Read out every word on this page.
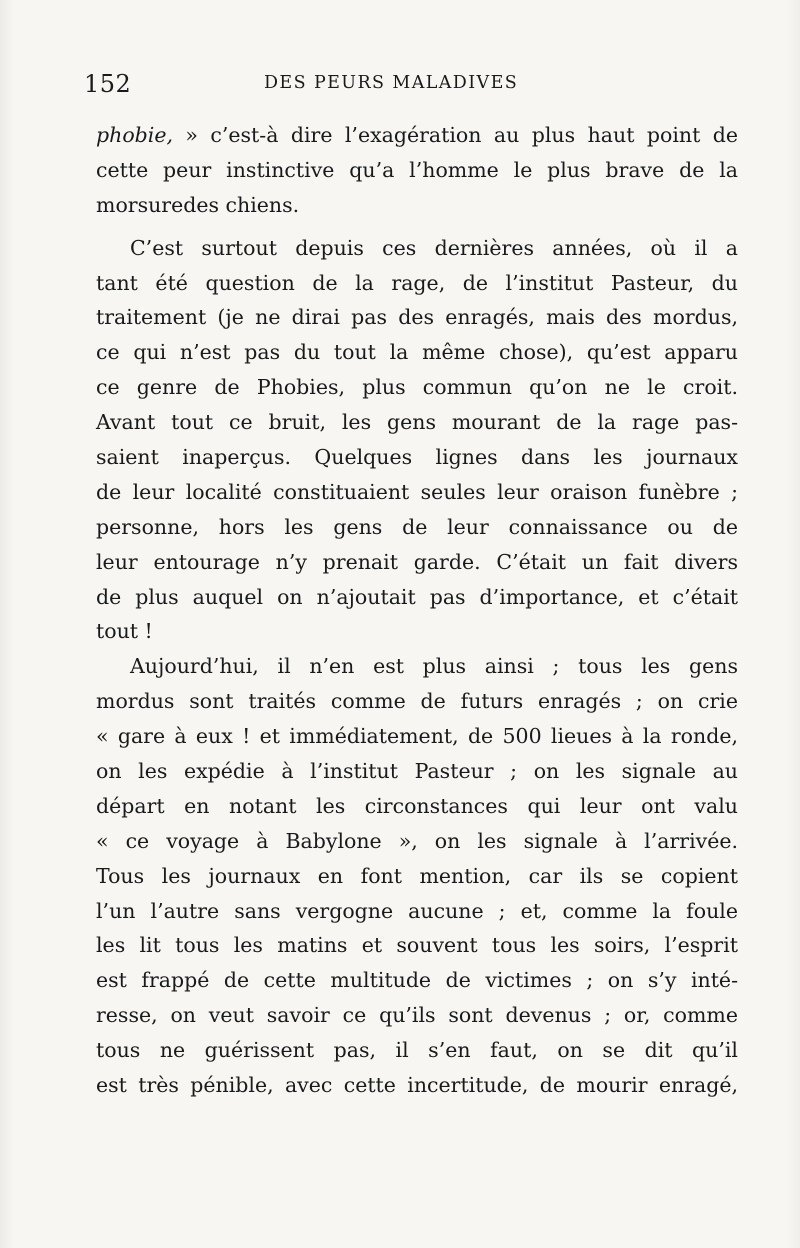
152	DES PEURS MALADIVES
phobie, » c’est-à dire l’exagération au plus haut point de
cette peur instinctive qu’a l’homme le plus brave de la
morsuredes chiens.
C’est surtout depuis ces dernières années, où il a
tant été question de la rage, de l’institut Pasteur, du
traitement (je ne dirai pas des enragés, mais des mordus,
ce qui n’est pas du tout la même chose), qu’est apparu
ce genre de Phobies, plus commun qu’on ne le croit.
Avant tout ce bruit, les gens mourant de la rage pas-
saient inaperçus. Quelques lignes dans les journaux
de leur localité constituaient seules leur oraison funèbre ;
personne, hors les gens de leur connaissance ou de
leur entourage n’y prenait garde. C’était un fait divers
de plus auquel on n’ajoutait pas d’importance, et c’était
tout !
Aujourd’hui, il n’en est plus ainsi ; tous les gens
mordus sont traités comme de futurs enragés ; on crie
« gare à eux ! et immédiatement, de 500 lieues à la ronde,
on les expédie à l’institut Pasteur ; on les signale au
départ en notant les circonstances qui leur ont valu
« ce voyage à Babylone », on les signale à l’arrivée.
Tous les journaux en font mention, car ils se copient
l’un l’autre sans vergogne aucune ; et, comme la foule
les lit tous les matins et souvent tous les soirs, l’esprit
est frappé de cette multitude de victimes ; on s’y inté-
resse, on veut savoir ce qu’ils sont devenus ; or, comme
tous ne guérissent pas, il s’en faut, on se dit qu’il
est très pénible, avec cette incertitude, de mourir enragé,
